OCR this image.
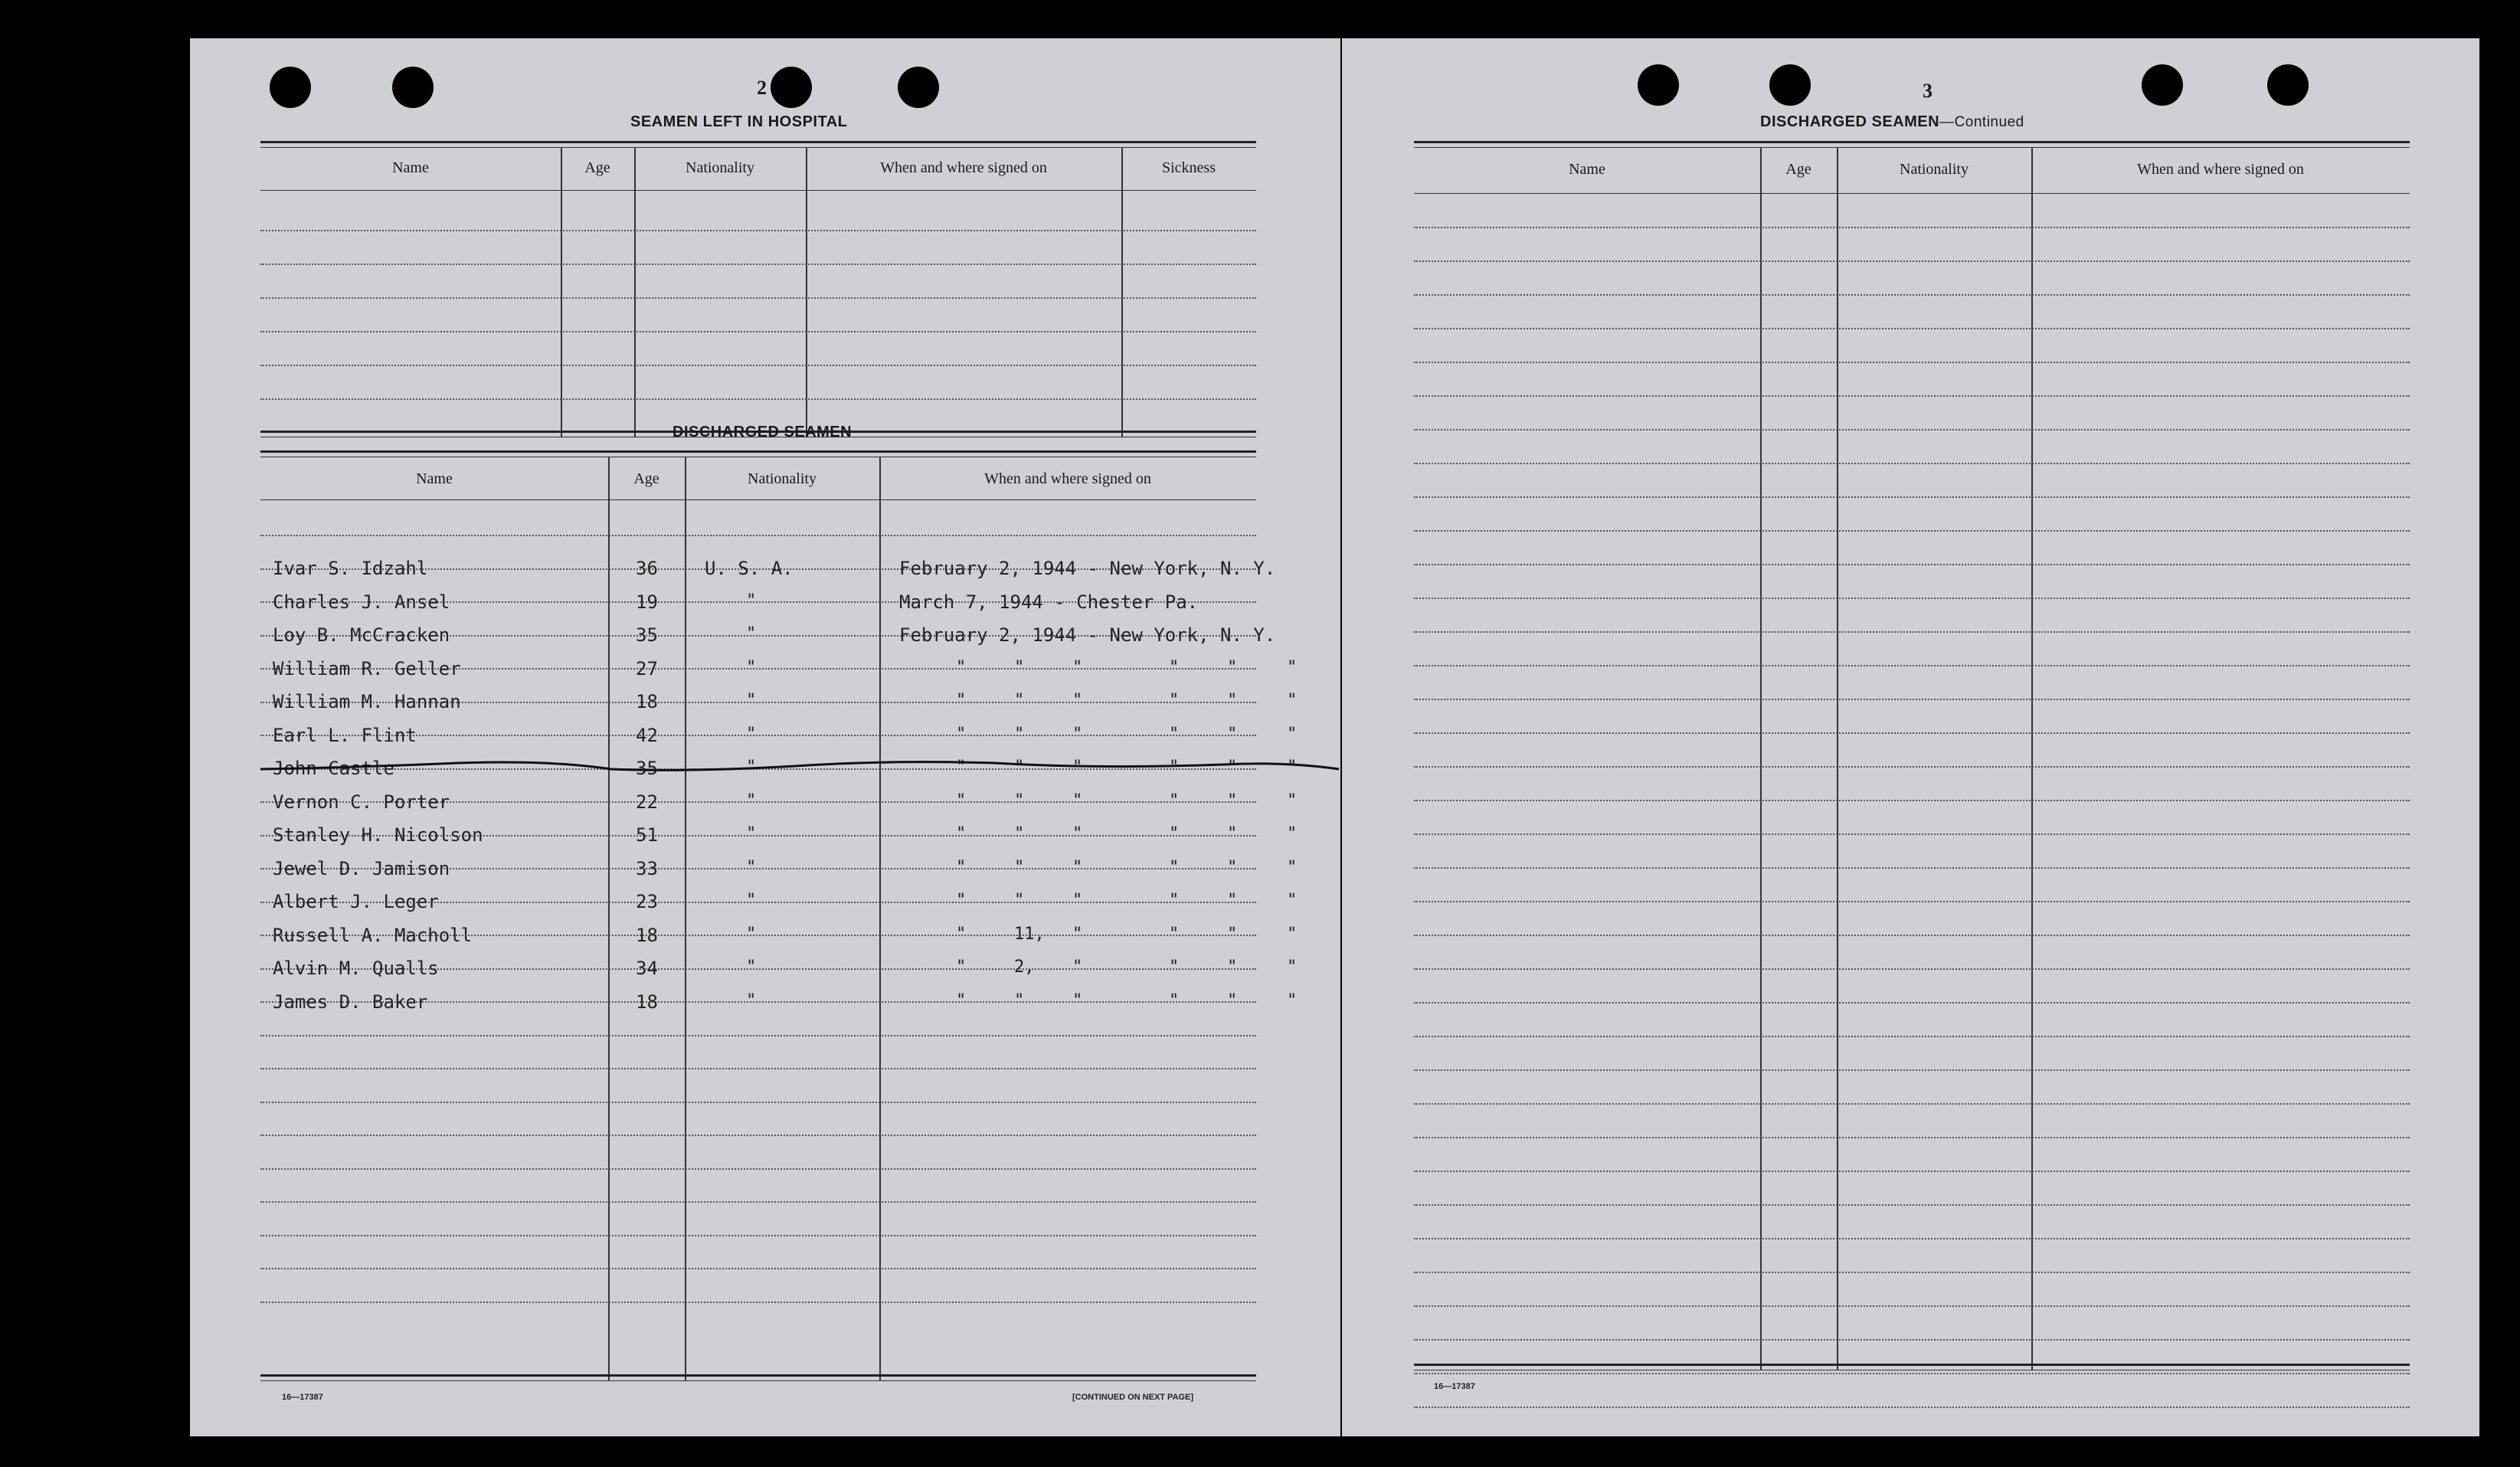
2
SEAMEN LEFT IN HOSPITAL
Name	Age	Nationality	When and where signed on	Sickness
DISCHARGED SEAMEN
Name	Age	Nationality	When and where signed on
Ivar S. Idzahl	36	U. S. A.	February 2, 1944 - New York, N. Y.
Charles J. Ansel	19	"	March 7, 1944 - Chester Pa.
Loy B. McCracken	35	"	February 2, 1944 - New York, N. Y.
William R. Geller	27	"	"	"	"	"	"	"
William M. Hannan	18	"	"	"	"	"	"	"
Earl L. Flint	42	"	"	"	"	"	"	"
John Castle	35	"	"	"	"	"	"	"
Vernon C. Porter	22	"	"	"	"	"	"	"
Stanley H. Nicolson	51	"	"	"	"	"	"	"
Jewel D. Jamison	33	"	"	"	"	"	"	"
Albert J. Leger	23	"	"	"	"	"	"	"
Russell A. Macholl	18	"	"	11, "	"	"	"
Alvin M. Qualls	34	"	"	2, "	"	"	"
James D. Baker	18	"	"	"	"	"	"	"
16—17387	[CONTINUED ON NEXT PAGE]
3
DISCHARGED SEAMEN—Continued
Name	Age	Nationality	When and where signed on
16—17387
